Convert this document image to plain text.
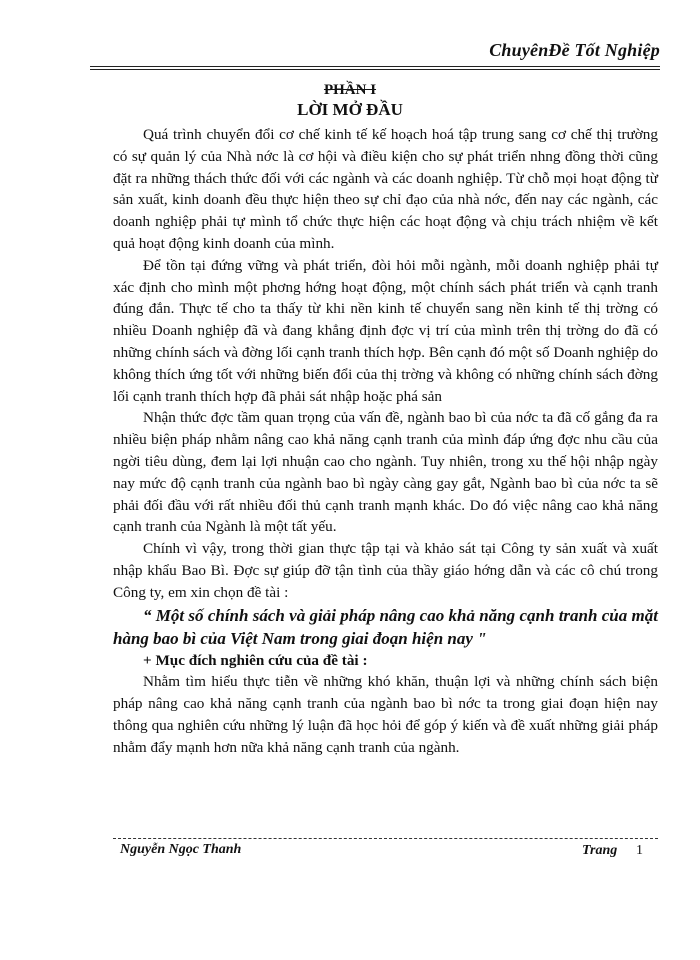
ChuyênĐề Tốt Nghiệp
PHẦN I
LỜI MỞ ĐẦU

Quá trình chuyển đổi cơ chế kinh tế kế hoạch hoá tập trung sang cơ chế thị trường có sự quản lý của Nhà nớc là cơ hội và điều kiện cho sự phát triển nhng đồng thời cũng đặt ra những thách thức đối với các ngành và các doanh nghiệp. Từ chỗ mọi hoạt động từ sản xuất, kinh doanh đều thực hiện theo sự chỉ đạo của nhà nớc, đến nay các ngành, các doanh nghiệp phải tự mình tổ chức thực hiện các hoạt động và chịu trách nhiệm về kết quả hoạt động kinh doanh của mình.

Để tồn tại đứng vững và phát triển, đòi hỏi mỗi ngành, mỗi doanh nghiệp phải tự xác định cho mình một phơng hớng hoạt động, một chính sách phát triển và cạnh tranh đúng đắn. Thực tế cho ta thấy từ khi nền kinh tế chuyển sang nền kinh tế thị trờng có nhiều Doanh nghiệp đã và đang khẳng định đợc vị trí của mình trên thị trờng do đã có những chính sách và đờng lối cạnh tranh thích hợp. Bên cạnh đó một số Doanh nghiệp do không thích ứng tốt với những biến đổi của thị trờng và không có những chính sách đờng lối cạnh tranh thích hợp đã phải sát nhập hoặc phá sản

Nhận thức đợc tầm quan trọng của vấn đề, ngành bao bì của nớc ta đã cố gắng đa ra nhiều biện pháp nhằm nâng cao khả năng cạnh tranh của mình đáp ứng đợc nhu cầu của ngời tiêu dùng, đem lại lợi nhuận cao cho ngành. Tuy nhiên, trong xu thế hội nhập ngày nay mức độ cạnh tranh của ngành bao bì ngày càng gay gắt, Ngành bao bì của nớc ta sẽ phải đối đầu với rất nhiều đối thủ cạnh tranh mạnh khác. Do đó việc nâng cao khả năng cạnh tranh của Ngành là một tất yếu.

Chính vì vậy, trong thời gian thực tập tại và khảo sát tại Công ty sản xuất và xuất nhập khẩu Bao Bì. Đợc sự giúp đỡ tận tình của thầy giáo hớng dẫn và các cô chú trong Công ty, em xin chọn đề tài :

“ Một số chính sách và giải pháp nâng cao khả năng cạnh tranh của mặt hàng bao bì của Việt Nam trong giai đoạn hiện nay "

+ Mục đích nghiên cứu của đề tài :

Nhằm tìm hiểu thực tiễn về những khó khăn, thuận lợi và những chính sách biện pháp nâng cao khả năng cạnh tranh của ngành bao bì nớc ta trong giai đoạn hiện nay thông qua nghiên cứu những lý luận đã học hỏi để góp ý kiến và đề xuất những giải pháp nhằm đẩy mạnh hơn nữa khả năng cạnh tranh của ngành.

Nguyễn Ngọc Thanh	Trang 1
